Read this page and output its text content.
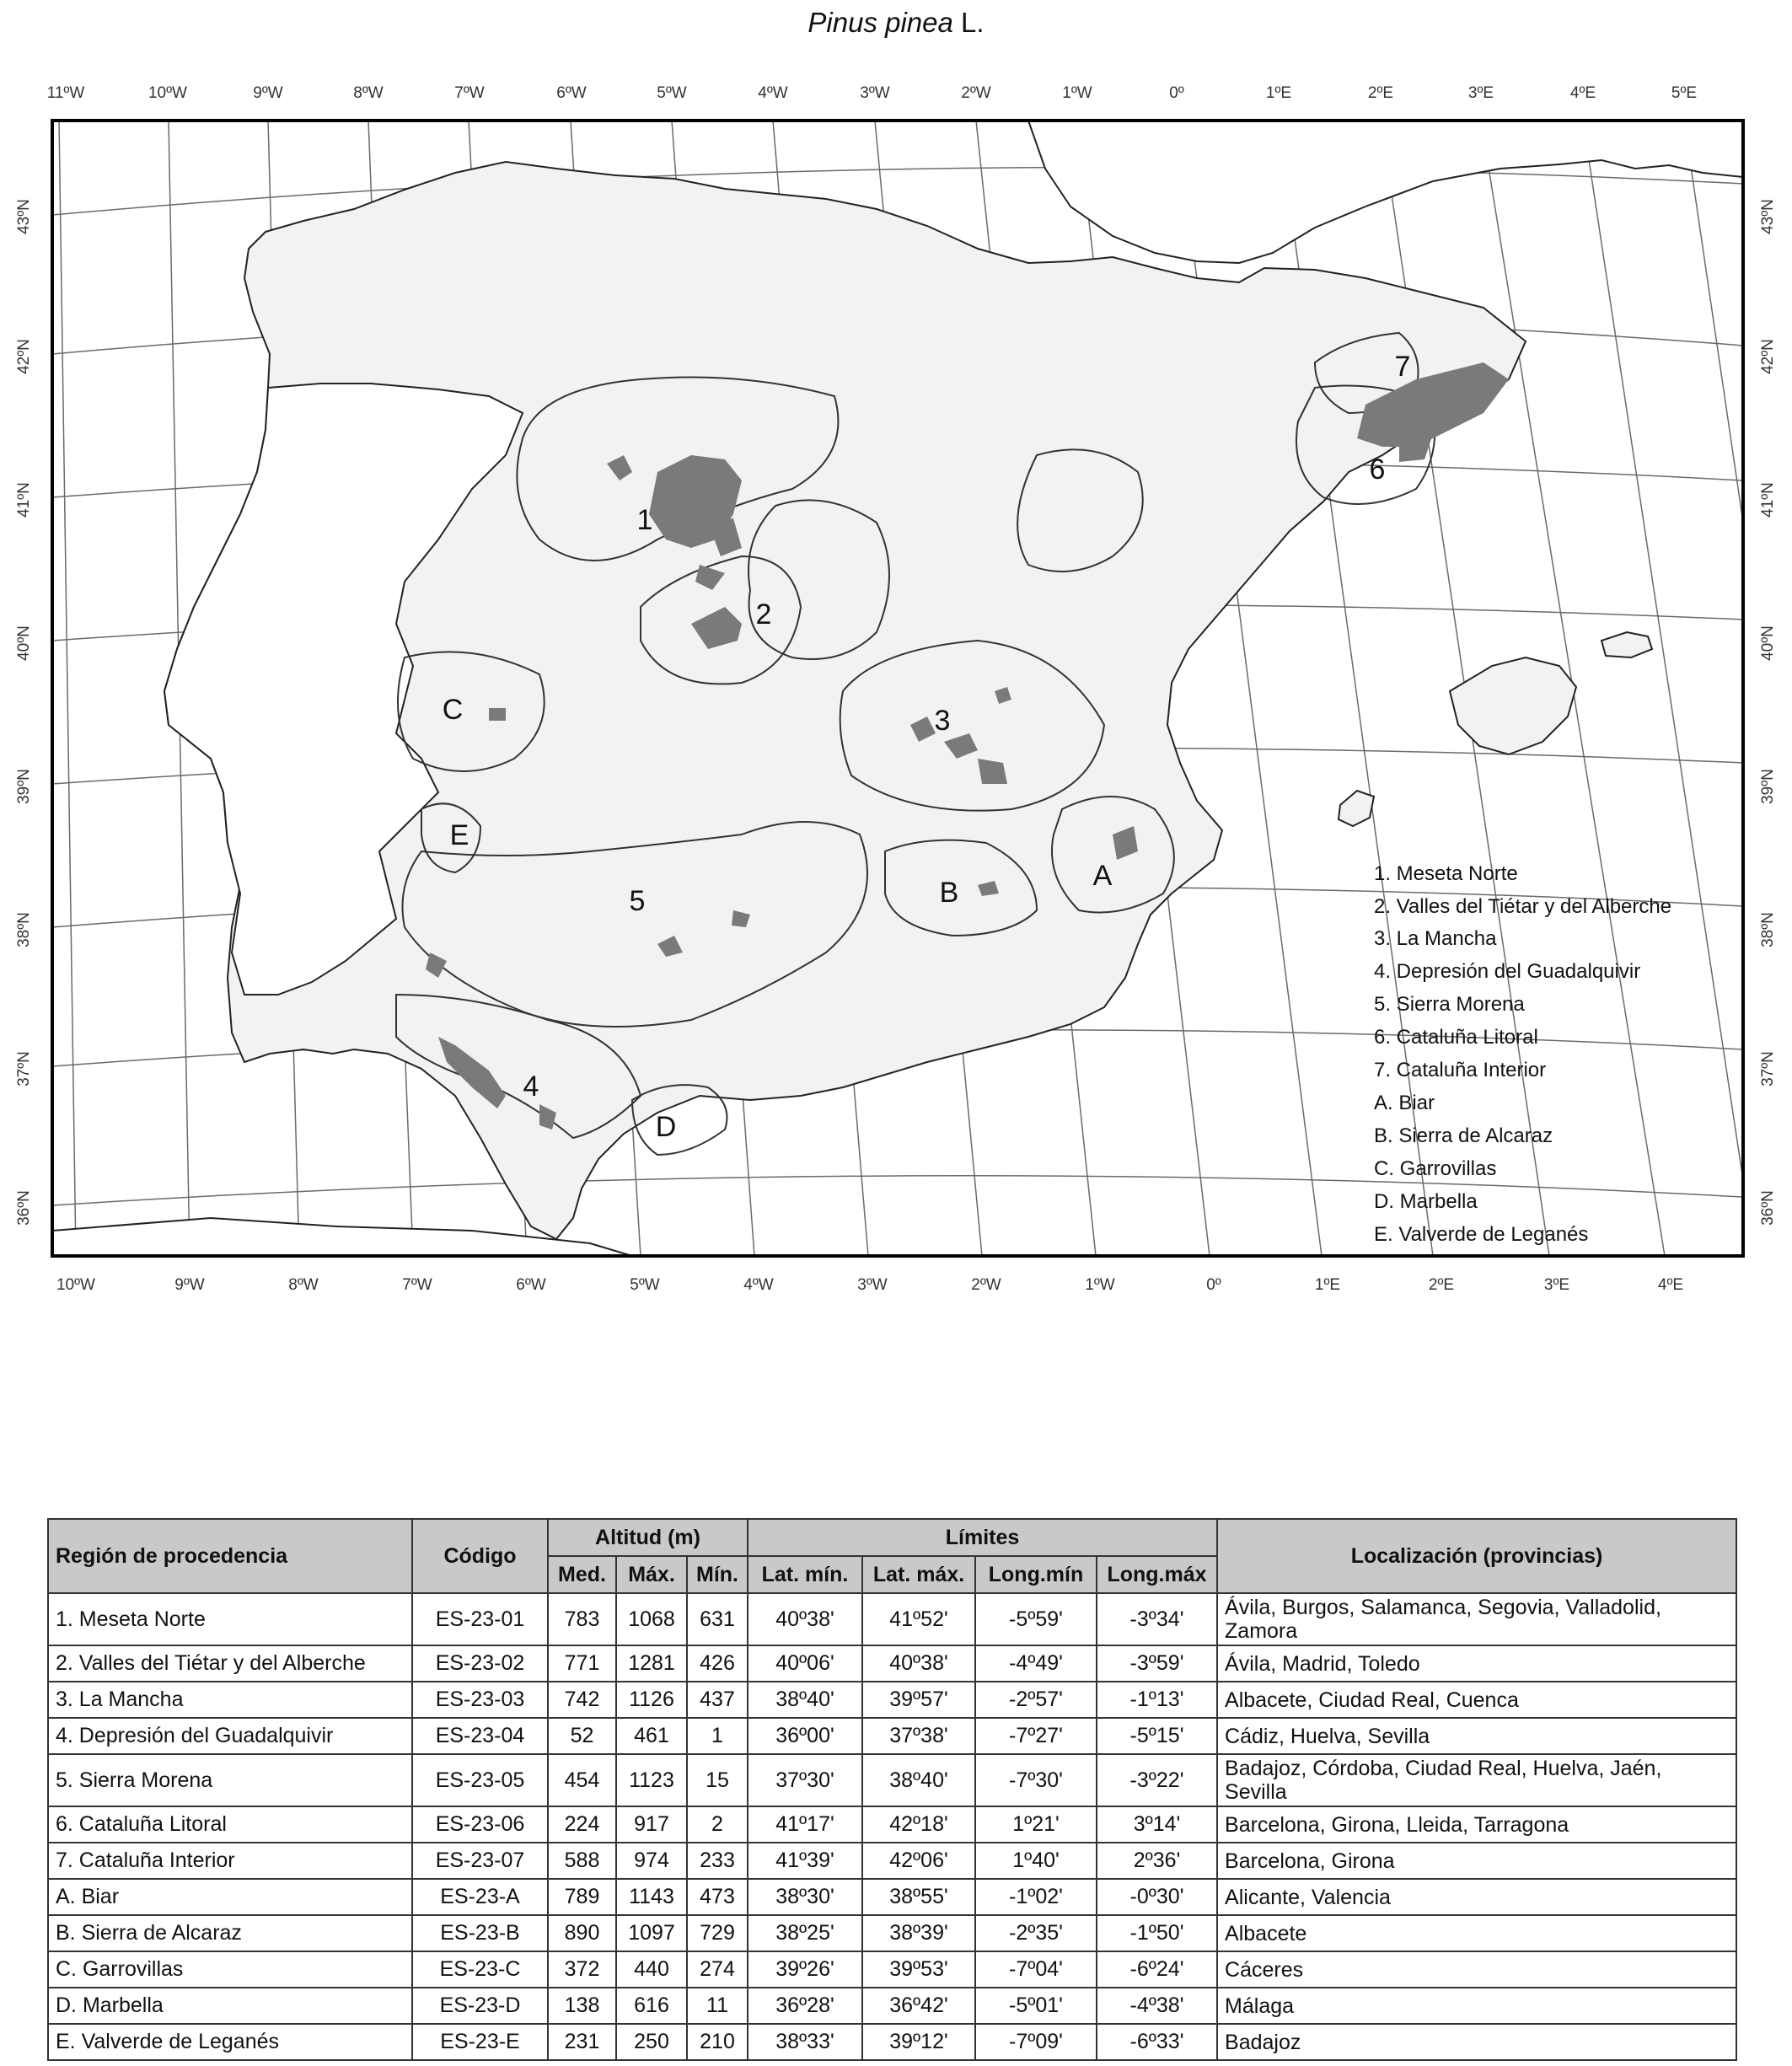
Pinus pinea L.
11ºW	10ºW	9ºW	8ºW	7ºW	6ºW	5ºW	4ºW	3ºW	2ºW	1ºW	0º	1ºE	2ºE	3ºE	4ºE	5ºE
10ºW	9ºW	8ºW	7ºW	6ºW	5ºW	4ºW	3ºW	2ºW	1ºW	0º	1ºE	2ºE	3ºE	4ºE
43ºN
42ºN
41ºN
40ºN
39ºN
38ºN
37ºN
36ºN
43ºN
42ºN
41ºN
40ºN
39ºN
38ºN
37ºN
36ºN
1
2
3
4
5
6
7
A
B
C
D
E
1. Meseta Norte
2. Valles del Tiétar y del Alberche
3. La Mancha
4. Depresión del Guadalquivir
5. Sierra Morena
6. Cataluña Litoral
7. Cataluña Interior
A. Biar
B. Sierra de Alcaraz
C. Garrovillas
D. Marbella
E. Valverde de Leganés
Región de procedencia	Código	Altitud (m)			Límites				Localización (provincias)
		Med.	Máx.	Mín.	Lat. mín.	Lat. máx.	Long.mín	Long.máx	
1. Meseta Norte	ES-23-01	783	1068	631	40º38'	41º52'	-5º59'	-3º34'	Ávila, Burgos, Salamanca, Segovia, Valladolid, Zamora
2. Valles del Tiétar y del Alberche	ES-23-02	771	1281	426	40º06'	40º38'	-4º49'	-3º59'	Ávila, Madrid, Toledo
3. La Mancha	ES-23-03	742	1126	437	38º40'	39º57'	-2º57'	-1º13'	Albacete, Ciudad Real, Cuenca
4. Depresión del Guadalquivir	ES-23-04	52	461	1	36º00'	37º38'	-7º27'	-5º15'	Cádiz, Huelva, Sevilla
5. Sierra Morena	ES-23-05	454	1123	15	37º30'	38º40'	-7º30'	-3º22'	Badajoz, Córdoba, Ciudad Real, Huelva, Jaén, Sevilla
6. Cataluña Litoral	ES-23-06	224	917	2	41º17'	42º18'	1º21'	3º14'	Barcelona, Girona, Lleida, Tarragona
7. Cataluña Interior	ES-23-07	588	974	233	41º39'	42º06'	1º40'	2º36'	Barcelona, Girona
A. Biar	ES-23-A	789	1143	473	38º30'	38º55'	-1º02'	-0º30'	Alicante, Valencia
B. Sierra de Alcaraz	ES-23-B	890	1097	729	38º25'	38º39'	-2º35'	-1º50'	Albacete
C. Garrovillas	ES-23-C	372	440	274	39º26'	39º53'	-7º04'	-6º24'	Cáceres
D. Marbella	ES-23-D	138	616	11	36º28'	36º42'	-5º01'	-4º38'	Málaga
E. Valverde de Leganés	ES-23-E	231	250	210	38º33'	39º12'	-7º09'	-6º33'	Badajoz
